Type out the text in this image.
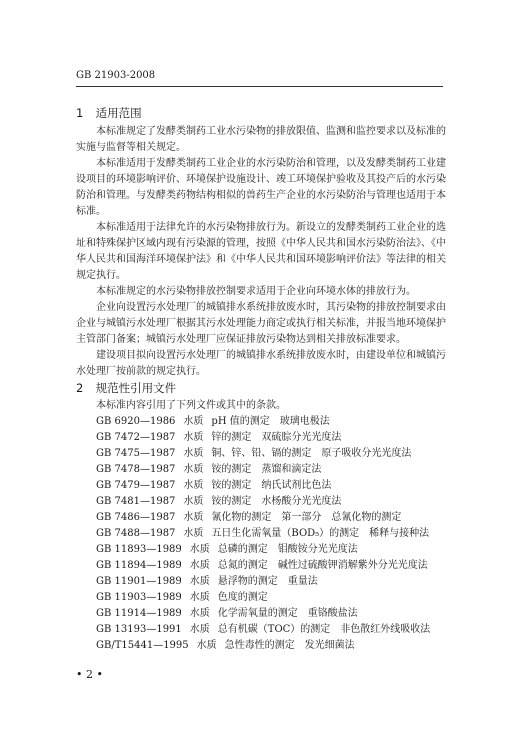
GB 21903-2008
1 适用范围
本标准规定了发酵类制药工业水污染物的排放限值、监测和监控要求以及标准的
实施与监督等相关规定。
本标准适用于发酵类制药工业企业的水污染防治和管理，以及发酵类制药工业建
设项目的环境影响评价、环境保护设施设计、竣工环境保护验收及其投产后的水污染
防治和管理。与发酵类药物结构相似的兽药生产企业的水污染防治与管理也适用于本
标准。
本标准适用于法律允许的水污染物排放行为。新设立的发酵类制药工业企业的选
址和特殊保护区域内现有污染源的管理，按照《中华人民共和国水污染防治法》、《中
华人民共和国海洋环境保护法》和《中华人民共和国环境影响评价法》等法律的相关
规定执行。
本标准规定的水污染物排放控制要求适用于企业向环境水体的排放行为。
企业向设置污水处理厂的城镇排水系统排放废水时，其污染物的排放控制要求由
企业与城镇污水处理厂根据其污水处理能力商定或执行相关标准，并报当地环境保护
主管部门备案；城镇污水处理厂应保证排放污染物达到相关排放标准要求。
建设项目拟向设置污水处理厂的城镇排水系统排放废水时，由建设单位和城镇污
水处理厂按前款的规定执行。
2 规范性引用文件
本标准内容引用了下列文件或其中的条款。
GB 6920—1986 水质 pH 值的测定　玻璃电极法
GB 7472—1987 水质 锌的测定　双硫腙分光光度法
GB 7475—1987 水质 铜、锌、铅、镉的测定　原子吸收分光光度法
GB 7478—1987 水质 铵的测定　蒸馏和滴定法
GB 7479—1987 水质 铵的测定　纳氏试剂比色法
GB 7481—1987 水质 铵的测定　水杨酸分光光度法
GB 7486—1987 水质 氰化物的测定　第一部分　总氰化物的测定
GB 7488—1987 水质 五日生化需氧量（BOD₅）的测定　稀释与接种法
GB 11893—1989 水质 总磷的测定　钼酸铵分光光度法
GB 11894—1989 水质 总氮的测定　碱性过硫酸钾消解紫外分光光度法
GB 11901—1989 水质 悬浮物的测定　重量法
GB 11903—1989 水质 色度的测定
GB 11914—1989 水质 化学需氧量的测定　重铬酸盐法
GB 13193—1991 水质 总有机碳（TOC）的测定　非色散红外线吸收法
GB/T15441—1995 水质 急性毒性的测定　发光细菌法
• 2 •
